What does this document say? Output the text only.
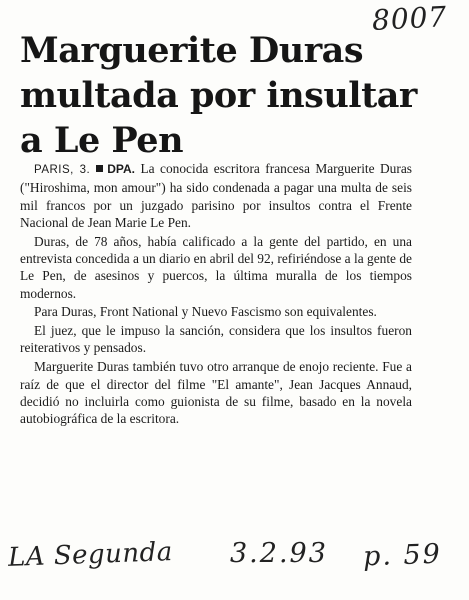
8007
Marguerite Duras
multada por insultar
a Le Pen

PARIS, 3. DPA. La conocida escritora francesa Marguerite Duras ("Hiroshima, mon amour") ha sido condenada a pagar una multa de seis mil francos por un juzgado parisino por insultos contra el Frente Nacional de Jean Marie Le Pen.

Duras, de 78 años, había calificado a la gente del partido, en una entrevista concedida a un diario en abril del 92, refiriéndose a la gente de Le Pen, de asesinos y puercos, la última muralla de los tiempos modernos.

Para Duras, Front National y Nuevo Fascismo son equivalentes.

El juez, que le impuso la sanción, considera que los insultos fueron reiterativos y pensados.

Marguerite Duras también tuvo otro arranque de enojo reciente. Fue a raíz de que el director del filme "El amante", Jean Jacques Annaud, decidió no incluirla como guionista de su filme, basado en la novela autobiográfica de la escritora.

LA Segunda 3.2.93 p. 59
